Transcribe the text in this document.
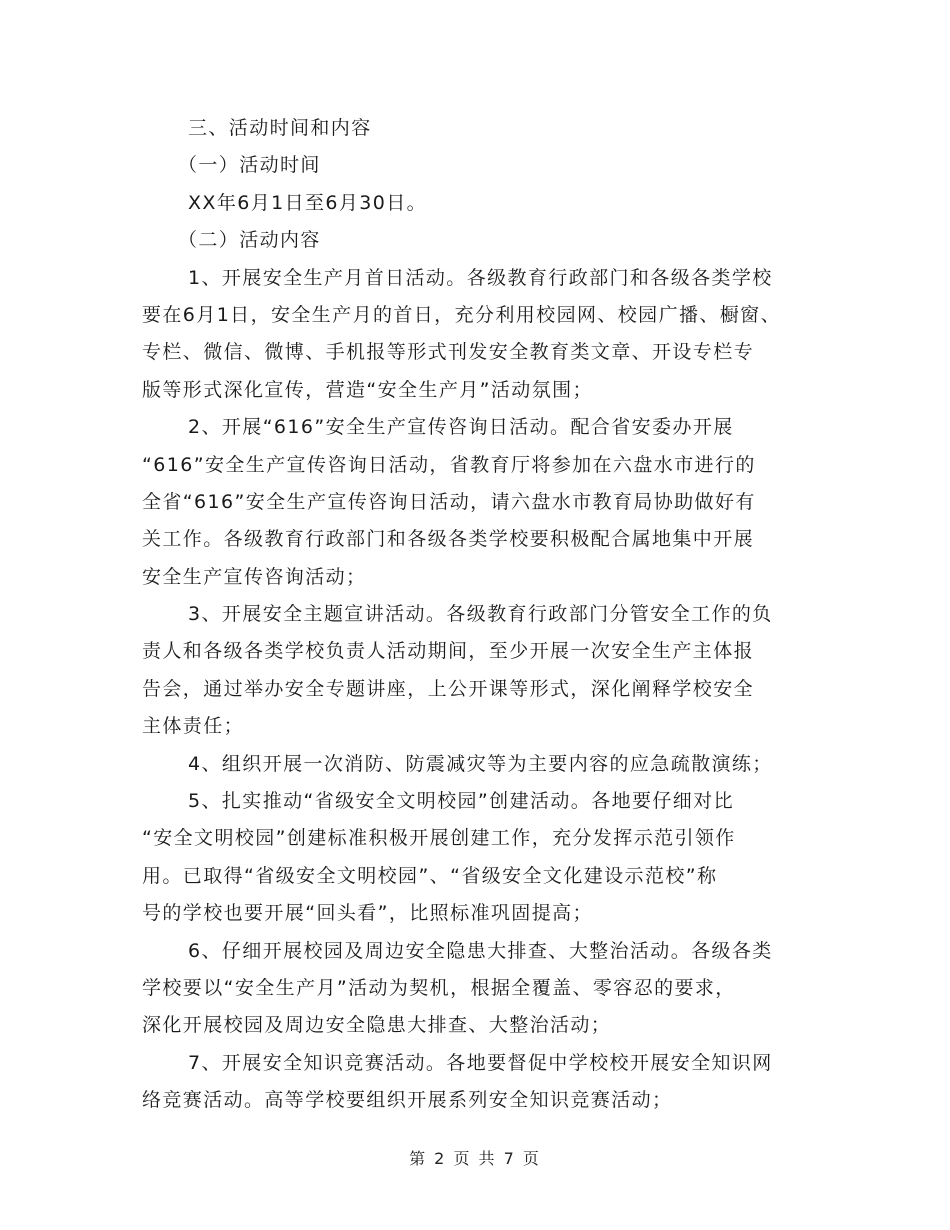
三、活动时间和内容
（一）活动时间
XX年6月1日至6月30日。
（二）活动内容
1、开展安全生产月首日活动。各级教育行政部门和各级各类学校
要在6月1日，安全生产月的首日，充分利用校园网、校园广播、橱窗、
专栏、微信、微博、手机报等形式刊发安全教育类文章、开设专栏专
版等形式深化宣传，营造“安全生产月”活动氛围；
2、开展“616”安全生产宣传咨询日活动。配合省安委办开展
“616”安全生产宣传咨询日活动，省教育厅将参加在六盘水市进行的
全省“616”安全生产宣传咨询日活动，请六盘水市教育局协助做好有
关工作。各级教育行政部门和各级各类学校要积极配合属地集中开展
安全生产宣传咨询活动；
3、开展安全主题宣讲活动。各级教育行政部门分管安全工作的负
责人和各级各类学校负责人活动期间，至少开展一次安全生产主体报
告会，通过举办安全专题讲座，上公开课等形式，深化阐释学校安全
主体责任；
4、组织开展一次消防、防震减灾等为主要内容的应急疏散演练；
5、扎实推动“省级安全文明校园”创建活动。各地要仔细对比
“安全文明校园”创建标准积极开展创建工作，充分发挥示范引领作
用。已取得“省级安全文明校园”、“省级安全文化建设示范校”称
号的学校也要开展“回头看”，比照标准巩固提高；
6、仔细开展校园及周边安全隐患大排查、大整治活动。各级各类
学校要以“安全生产月”活动为契机，根据全覆盖、零容忍的要求，
深化开展校园及周边安全隐患大排查、大整治活动；
7、开展安全知识竞赛活动。各地要督促中学校校开展安全知识网
络竞赛活动。高等学校要组织开展系列安全知识竞赛活动；
第 2 页 共 7 页
